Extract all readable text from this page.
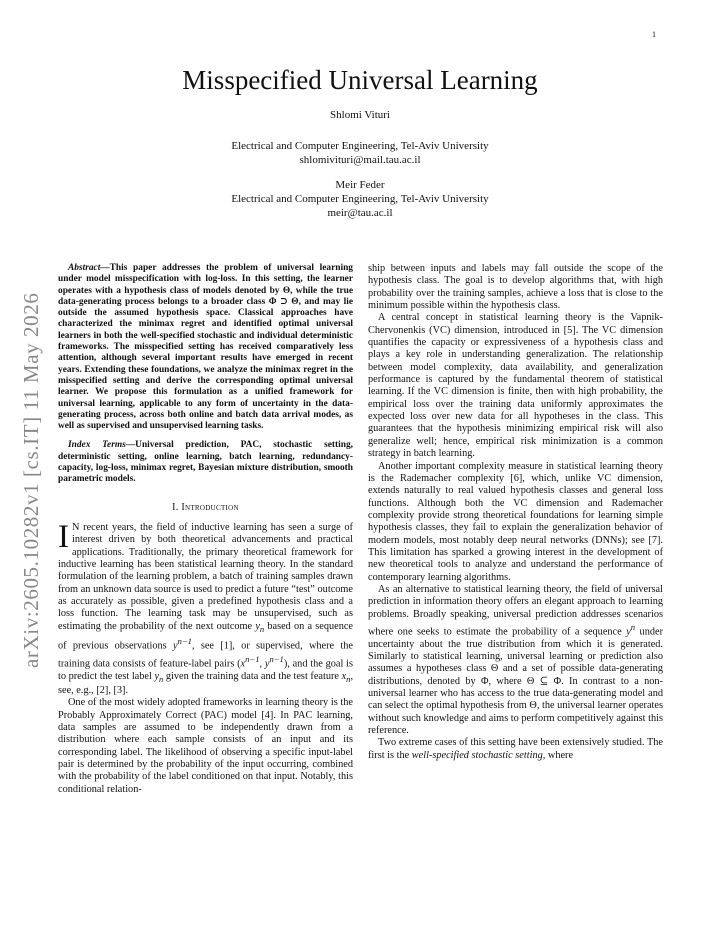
1
arXiv:2605.10282v1 [cs.IT] 11 May 2026
Misspecified Universal Learning
Shlomi Vituri
Electrical and Computer Engineering, Tel-Aviv University
shlomivituri@mail.tau.ac.il
Meir Feder
Electrical and Computer Engineering, Tel-Aviv University
meir@tau.ac.il

Abstract—This paper addresses the problem of universal learning under model misspecification with log-loss. In this setting, the learner operates with a hypothesis class of models denoted by Θ, while the true data-generating process belongs to a broader class Φ ⊃ Θ, and may lie outside the assumed hypothesis space. Classical approaches have characterized the minimax regret and identified optimal universal learners in both the well-specified stochastic and individual deterministic frameworks. The misspecified setting has received comparatively less attention, although several important results have emerged in recent years. Extending these foundations, we analyze the minimax regret in the misspecified setting and derive the corresponding optimal universal learner. We propose this formulation as a unified framework for universal learning, applicable to any form of uncertainty in the data-generating process, across both online and batch data arrival modes, as well as supervised and unsupervised learning tasks.

Index Terms—Universal prediction, PAC, stochastic setting, deterministic setting, online learning, batch learning, redundancy-capacity, log-loss, minimax regret, Bayesian mixture distribution, smooth parametric models.

I. Introduction

I N recent years, the field of inductive learning has seen a surge of interest driven by both theoretical advancements and practical applications. Traditionally, the primary theoretical framework for inductive learning has been statistical learning theory. In the standard formulation of the learning problem, a batch of training samples drawn from an unknown data source is used to predict a future “test” outcome as accurately as possible, given a predefined hypothesis class and a loss function. The learning task may be unsupervised, such as estimating the probability of the next outcome $y_n$ based on a sequence of previous observations $y^{n-1}$, see [1], or supervised, where the training data consists of feature-label pairs ($x^{n-1}$, $y^{n-1}$), and the goal is to predict the test label $y_n$ given the training data and the test feature $x_n$, see, e.g., [2], [3].

One of the most widely adopted frameworks in learning theory is the Probably Approximately Correct (PAC) model [4]. In PAC learning, data samples are assumed to be independently drawn from a distribution where each sample consists of an input and its corresponding label. The likelihood of observing a specific input-label pair is determined by the probability of the input occurring, combined with the probability of the label conditioned on that input. Notably, this conditional relation-

ship between inputs and labels may fall outside the scope of the hypothesis class. The goal is to develop algorithms that, with high probability over the training samples, achieve a loss that is close to the minimum possible within the hypothesis class.

A central concept in statistical learning theory is the Vapnik-Chervonenkis (VC) dimension, introduced in [5]. The VC dimension quantifies the capacity or expressiveness of a hypothesis class and plays a key role in understanding generalization. The relationship between model complexity, data availability, and generalization performance is captured by the fundamental theorem of statistical learning. If the VC dimension is finite, then with high probability, the empirical loss over the training data uniformly approximates the expected loss over new data for all hypotheses in the class. This guarantees that the hypothesis minimizing empirical risk will also generalize well; hence, empirical risk minimization is a common strategy in batch learning.

Another important complexity measure in statistical learning theory is the Rademacher complexity [6], which, unlike VC dimension, extends naturally to real valued hypothesis classes and general loss functions. Although both the VC dimension and Rademacher complexity provide strong theoretical foundations for learning simple hypothesis classes, they fail to explain the generalization behavior of modern models, most notably deep neural networks (DNNs); see [7]. This limitation has sparked a growing interest in the development of new theoretical tools to analyze and understand the performance of contemporary learning algorithms.

As an alternative to statistical learning theory, the field of universal prediction in information theory offers an elegant approach to learning problems. Broadly speaking, universal prediction addresses scenarios where one seeks to estimate the probability of a sequence $y^n$ under uncertainty about the true distribution from which it is generated. Similarly to statistical learning, universal learning or prediction also assumes a hypotheses class Θ and a set of possible data-generating distributions, denoted by Φ, where Θ ⊆ Φ. In contrast to a non-universal learner who has access to the true data-generating model and can select the optimal hypothesis from Θ, the universal learner operates without such knowledge and aims to perform competitively against this reference.

Two extreme cases of this setting have been extensively studied. The first is the well-specified stochastic setting, where
